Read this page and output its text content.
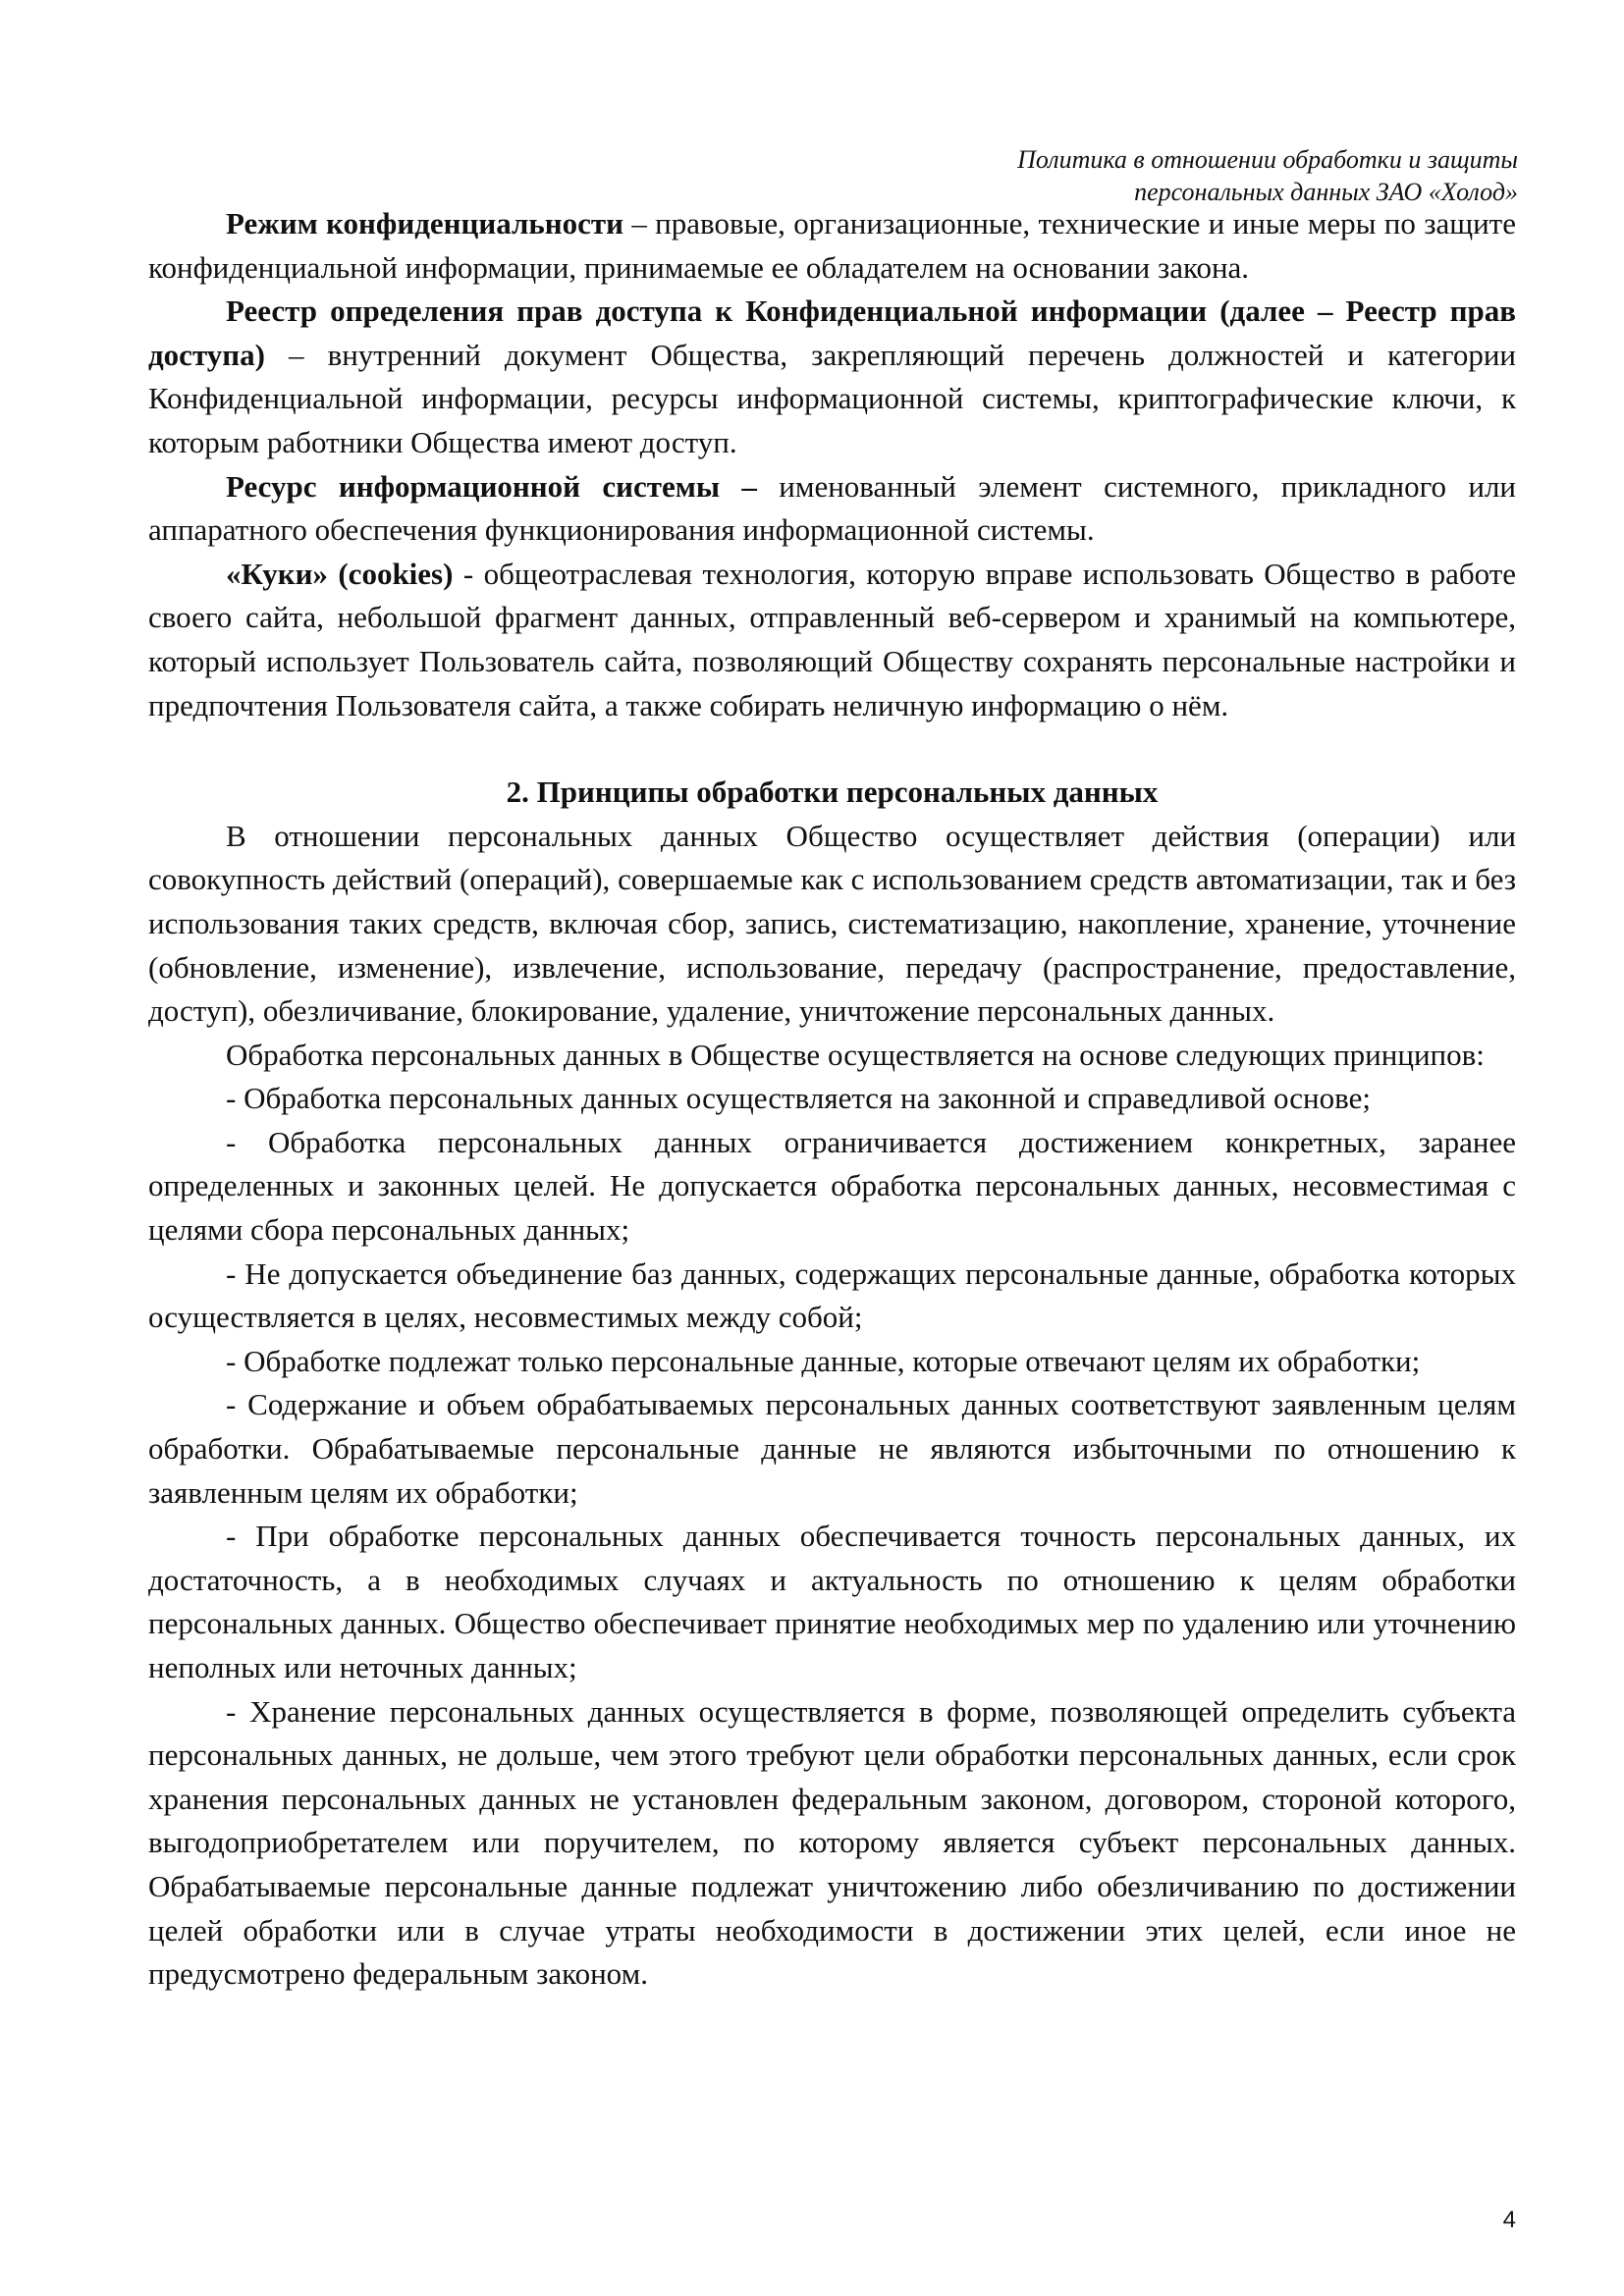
Политика в отношении обработки и защиты
персональных данных ЗАО «Холод»

Режим конфиденциальности – правовые, организационные, технические и иные меры по защите конфиденциальной информации, принимаемые ее обладателем на основании закона.

Реестр определения прав доступа к Конфиденциальной информации (далее – Реестр прав доступа) – внутренний документ Общества, закрепляющий перечень должностей и категории Конфиденциальной информации, ресурсы информационной системы, криптографические ключи, к которым работники Общества имеют доступ.

Ресурс информационной системы – именованный элемент системного, прикладного или аппаратного обеспечения функционирования информационной системы.

«Куки» (cookies) - общеотраслевая технология, которую вправе использовать Общество в работе своего сайта, небольшой фрагмент данных, отправленный веб-сервером и хранимый на компьютере, который использует Пользователь сайта, позволяющий Обществу сохранять персональные настройки и предпочтения Пользователя сайта, а также собирать неличную информацию о нём.

2. Принципы обработки персональных данных

В отношении персональных данных Общество осуществляет действия (операции) или совокупность действий (операций), совершаемые как с использованием средств автоматизации, так и без использования таких средств, включая сбор, запись, систематизацию, накопление, хранение, уточнение (обновление, изменение), извлечение, использование, передачу (распространение, предоставление, доступ), обезличивание, блокирование, удаление, уничтожение персональных данных.

Обработка персональных данных в Обществе осуществляется на основе следующих принципов:

- Обработка персональных данных осуществляется на законной и справедливой основе;

- Обработка персональных данных ограничивается достижением конкретных, заранее определенных и законных целей. Не допускается обработка персональных данных, несовместимая с целями сбора персональных данных;

- Не допускается объединение баз данных, содержащих персональные данные, обработка которых осуществляется в целях, несовместимых между собой;

- Обработке подлежат только персональные данные, которые отвечают целям их обработки;

- Содержание и объем обрабатываемых персональных данных соответствуют заявленным целям обработки. Обрабатываемые персональные данные не являются избыточными по отношению к заявленным целям их обработки;

- При обработке персональных данных обеспечивается точность персональных данных, их достаточность, а в необходимых случаях и актуальность по отношению к целям обработки персональных данных. Общество обеспечивает принятие необходимых мер по удалению или уточнению неполных или неточных данных;

- Хранение персональных данных осуществляется в форме, позволяющей определить субъекта персональных данных, не дольше, чем этого требуют цели обработки персональных данных, если срок хранения персональных данных не установлен федеральным законом, договором, стороной которого, выгодоприобретателем или поручителем, по которому является субъект персональных данных. Обрабатываемые персональные данные подлежат уничтожению либо обезличиванию по достижении целей обработки или в случае утраты необходимости в достижении этих целей, если иное не предусмотрено федеральным законом.

4
